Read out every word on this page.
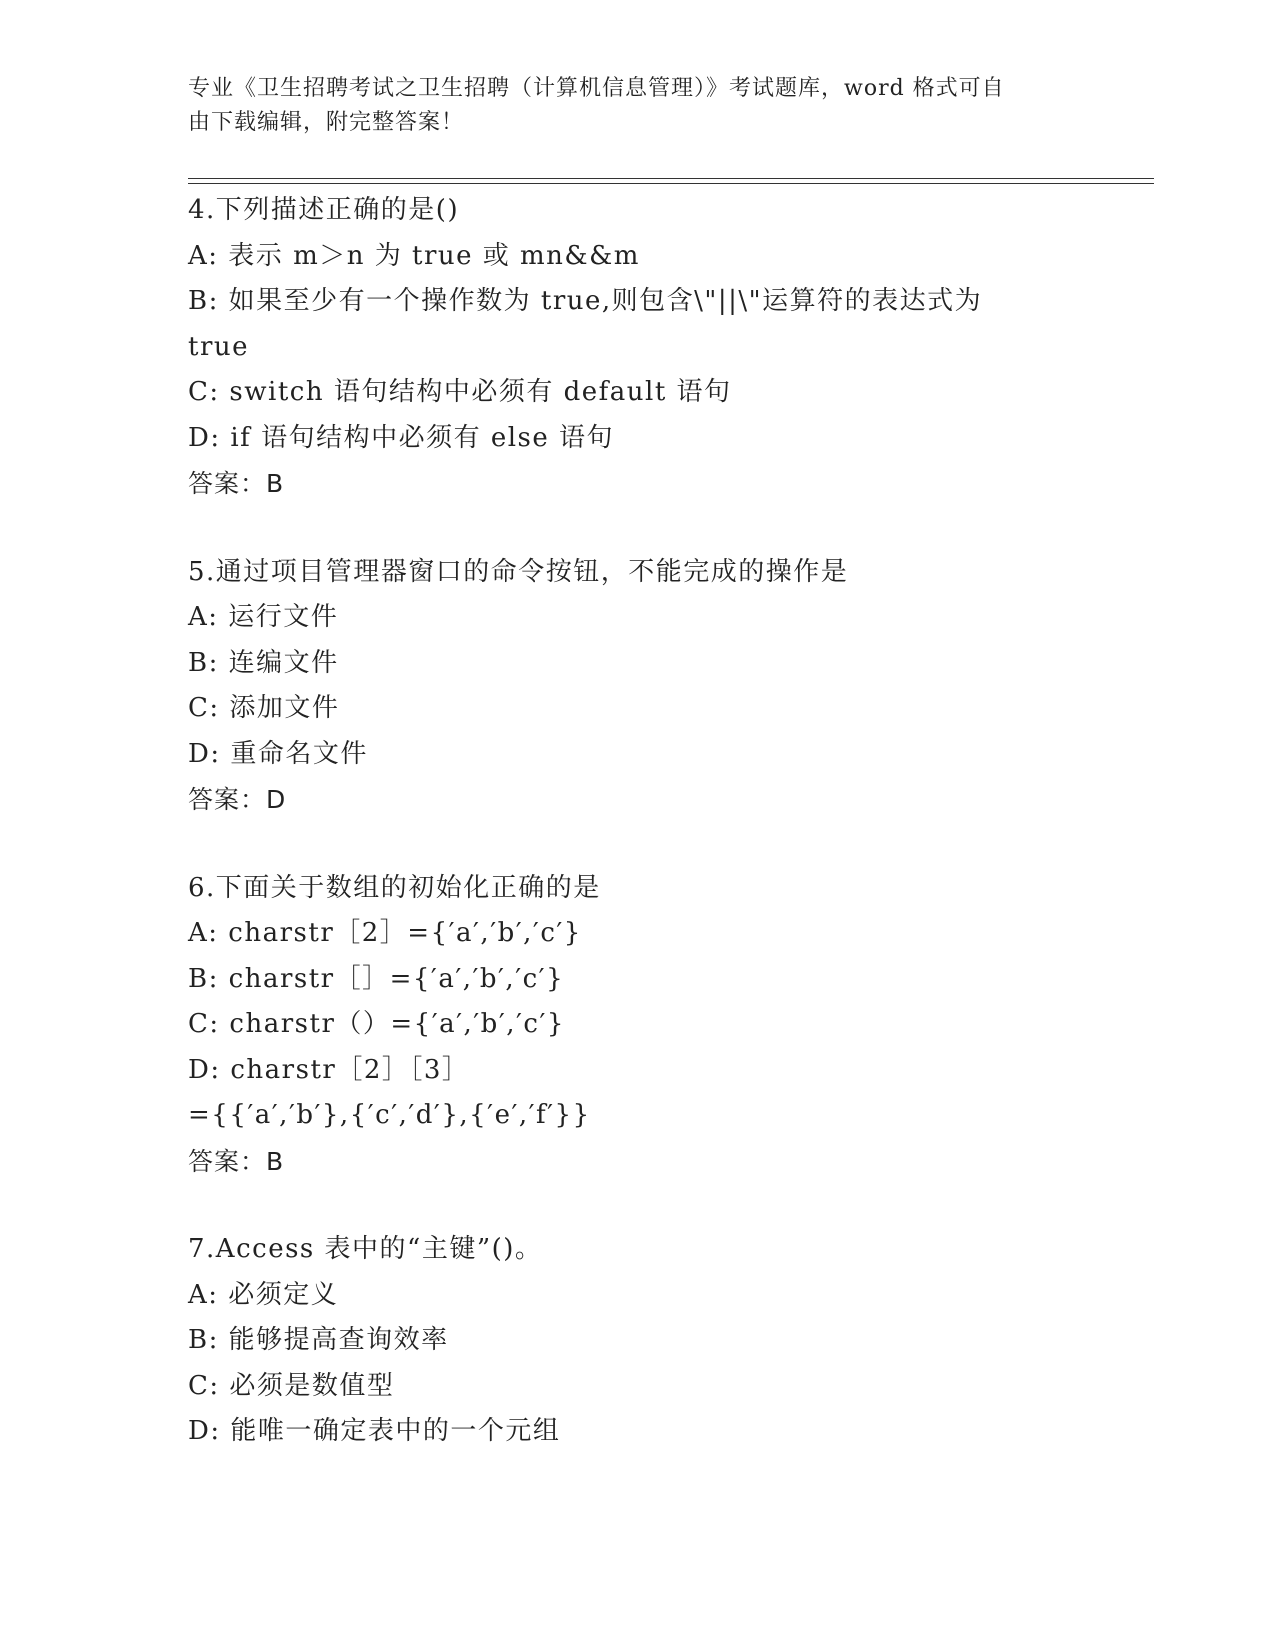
专业《卫生招聘考试之卫生招聘（计算机信息管理）》考试题库，word 格式可自
由下载编辑，附完整答案！
4.下列描述正确的是()
A: 表示 m＞n 为 true 或 mn&&m
B: 如果至少有一个操作数为 true,则包含\"||\"运算符的表达式为
true
C: switch 语句结构中必须有 default 语句
D: if 语句结构中必须有 else 语句
答案：B
5.通过项目管理器窗口的命令按钮，不能完成的操作是
A: 运行文件
B: 连编文件
C: 添加文件
D: 重命名文件
答案：D
6.下面关于数组的初始化正确的是
A: charstr［2］={′a′,′b′,′c′}
B: charstr［］={′a′,′b′,′c′}
C: charstr（）={′a′,′b′,′c′}
D: charstr［2］［3］
={{′a′,′b′},{′c′,′d′},{′e′,′f′}}
答案：B
7.Access 表中的“主键”()。
A: 必须定义
B: 能够提高查询效率
C: 必须是数值型
D: 能唯一确定表中的一个元组
